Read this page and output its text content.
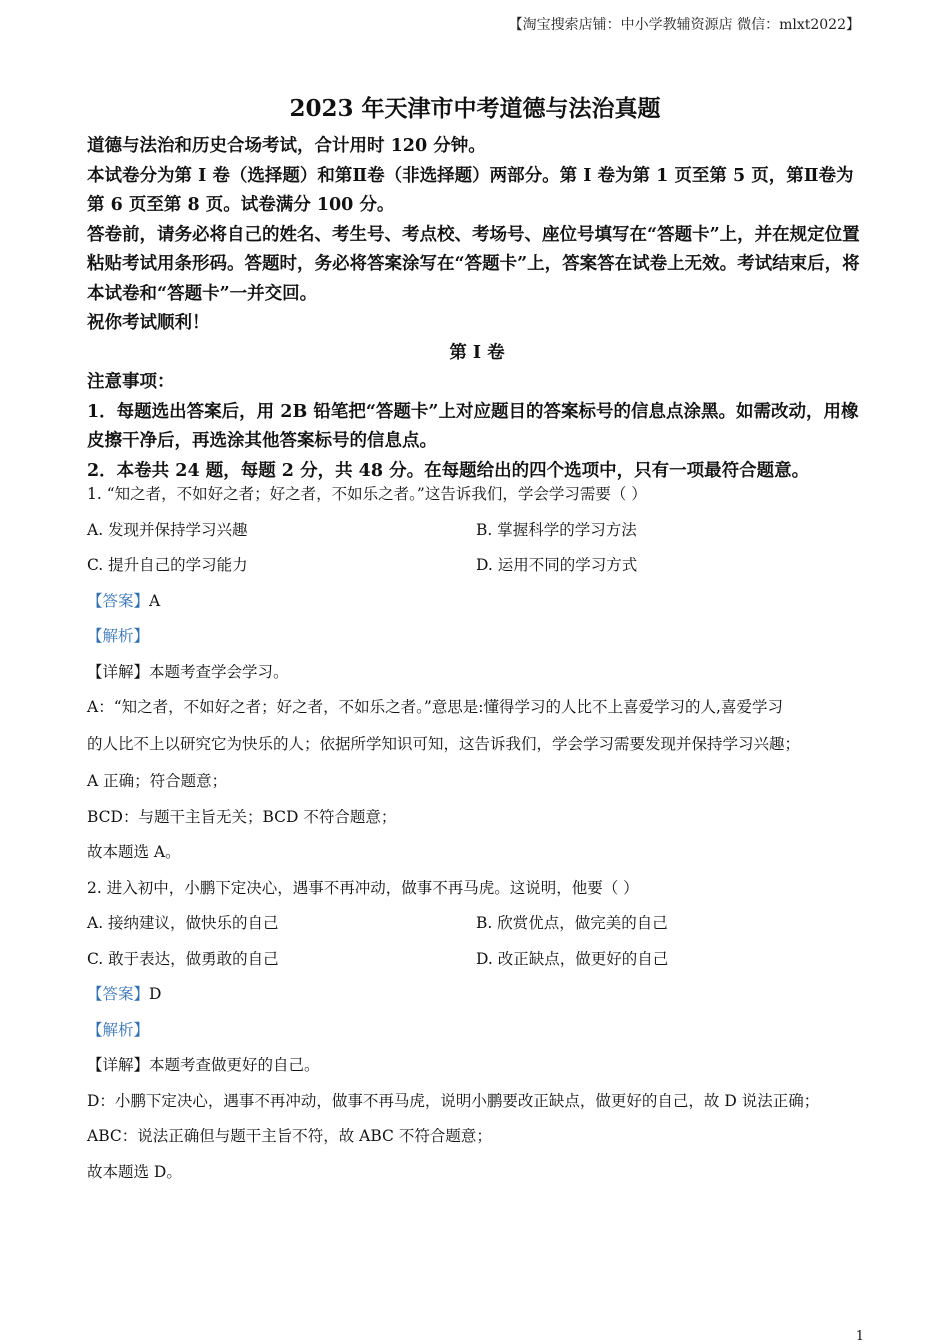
【淘宝搜索店铺：中小学教辅资源店 微信：mlxt2022】
2023 年天津市中考道德与法治真题

道德与法治和历史合场考试，合计用时 120 分钟。

本试卷分为第 I 卷（选择题）和第Ⅱ卷（非选择题）两部分。第 I 卷为第 1 页至第 5 页，第Ⅱ卷为第 6 页至第 8 页。试卷满分 100 分。

答卷前，请务必将自己的姓名、考生号、考点校、考场号、座位号填写在“答题卡”上，并在规定位置粘贴考试用条形码。答题时，务必将答案涂写在“答题卡”上，答案答在试卷上无效。考试结束后，将本试卷和“答题卡”一并交回。

祝你考试顺利！

第 I 卷

注意事项：

1．每题选出答案后，用 2B 铅笔把“答题卡”上对应题目的答案标号的信息点涂黑。如需改动，用橡皮擦干净后，再选涂其他答案标号的信息点。

2．本卷共 24 题，每题 2 分，共 48 分。在每题给出的四个选项中，只有一项最符合题意。

1. “知之者，不如好之者；好之者，不如乐之者。”这告诉我们，学会学习需要（ ）
A. 发现并保持学习兴趣	B. 掌握科学的学习方法
C. 提升自己的学习能力	D. 运用不同的学习方式
【答案】A
【解析】
【详解】本题考查学会学习。
A：“知之者，不如好之者；好之者，不如乐之者。”意思是:懂得学习的人比不上喜爱学习的人,喜爱学习
的人比不上以研究它为快乐的人；依据所学知识可知，这告诉我们，学会学习需要发现并保持学习兴趣；
A 正确；符合题意；
BCD：与题干主旨无关；BCD 不符合题意；
故本题选 A。
2. 进入初中，小鹏下定决心，遇事不再冲动，做事不再马虎。这说明，他要（ ）
A. 接纳建议，做快乐的自己	B. 欣赏优点，做完美的自己
C. 敢于表达，做勇敢的自己	D. 改正缺点，做更好的自己
【答案】D
【解析】
【详解】本题考查做更好的自己。
D：小鹏下定决心，遇事不再冲动，做事不再马虎，说明小鹏要改正缺点，做更好的自己，故 D 说法正确；
ABC：说法正确但与题干主旨不符，故 ABC 不符合题意；
故本题选 D。
1
